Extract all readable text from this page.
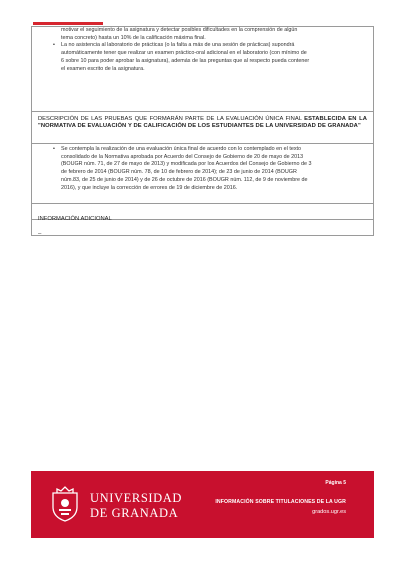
motivar el seguimiento de la asignatura y detectar posibles dificultades en la comprensión de algún

tema concreto) hasta un 10% de la calificación máxima final.

• La no asistencia al laboratorio de prácticas (o la falta a más de una sesión de prácticas) supondrá

automáticamente tener que realizar un examen práctico-oral adicional en el laboratorio (con mínimo de

6 sobre 10 para poder aprobar la asignatura), además de las preguntas que al respecto pueda contener

el examen escrito de la asignatura.

DESCRIPCIÓN DE LAS PRUEBAS QUE FORMARÁN PARTE DE LA EVALUACIÓN ÚNICA FINAL ESTABLECIDA EN LA "NORMATIVA DE EVALUACIÓN Y DE CALIFICACIÓN DE LOS ESTUDIANTES DE LA UNIVERSIDAD DE GRANADA"
• Se contempla la realización de una evaluación única final de acuerdo con lo contemplado en el texto

consolidado de la Normativa aprobada por Acuerdo del Consejo de Gobierno de 20 de mayo de 2013

(BOUGR núm. 71, de 27 de mayo de 2013) y modificada por los Acuerdos del Consejo de Gobierno de 3

de febrero de 2014 (BOUGR núm. 78, de 10 de febrero de 2014); de 23 de junio de 2014 (BOUGR

núm.83, de 25 de junio de 2014) y de 26 de octubre de 2016 (BOUGR núm. 112, de 9 de noviembre de

2016), y que incluye la corrección de errores de 19 de diciembre de 2016.

INFORMACIÓN ADICIONAL
–
UNIVERSIDAD
DE GRANADA
Página 5
INFORMACIÓN SOBRE TITULACIONES DE LA UGR
grados.ugr.es
